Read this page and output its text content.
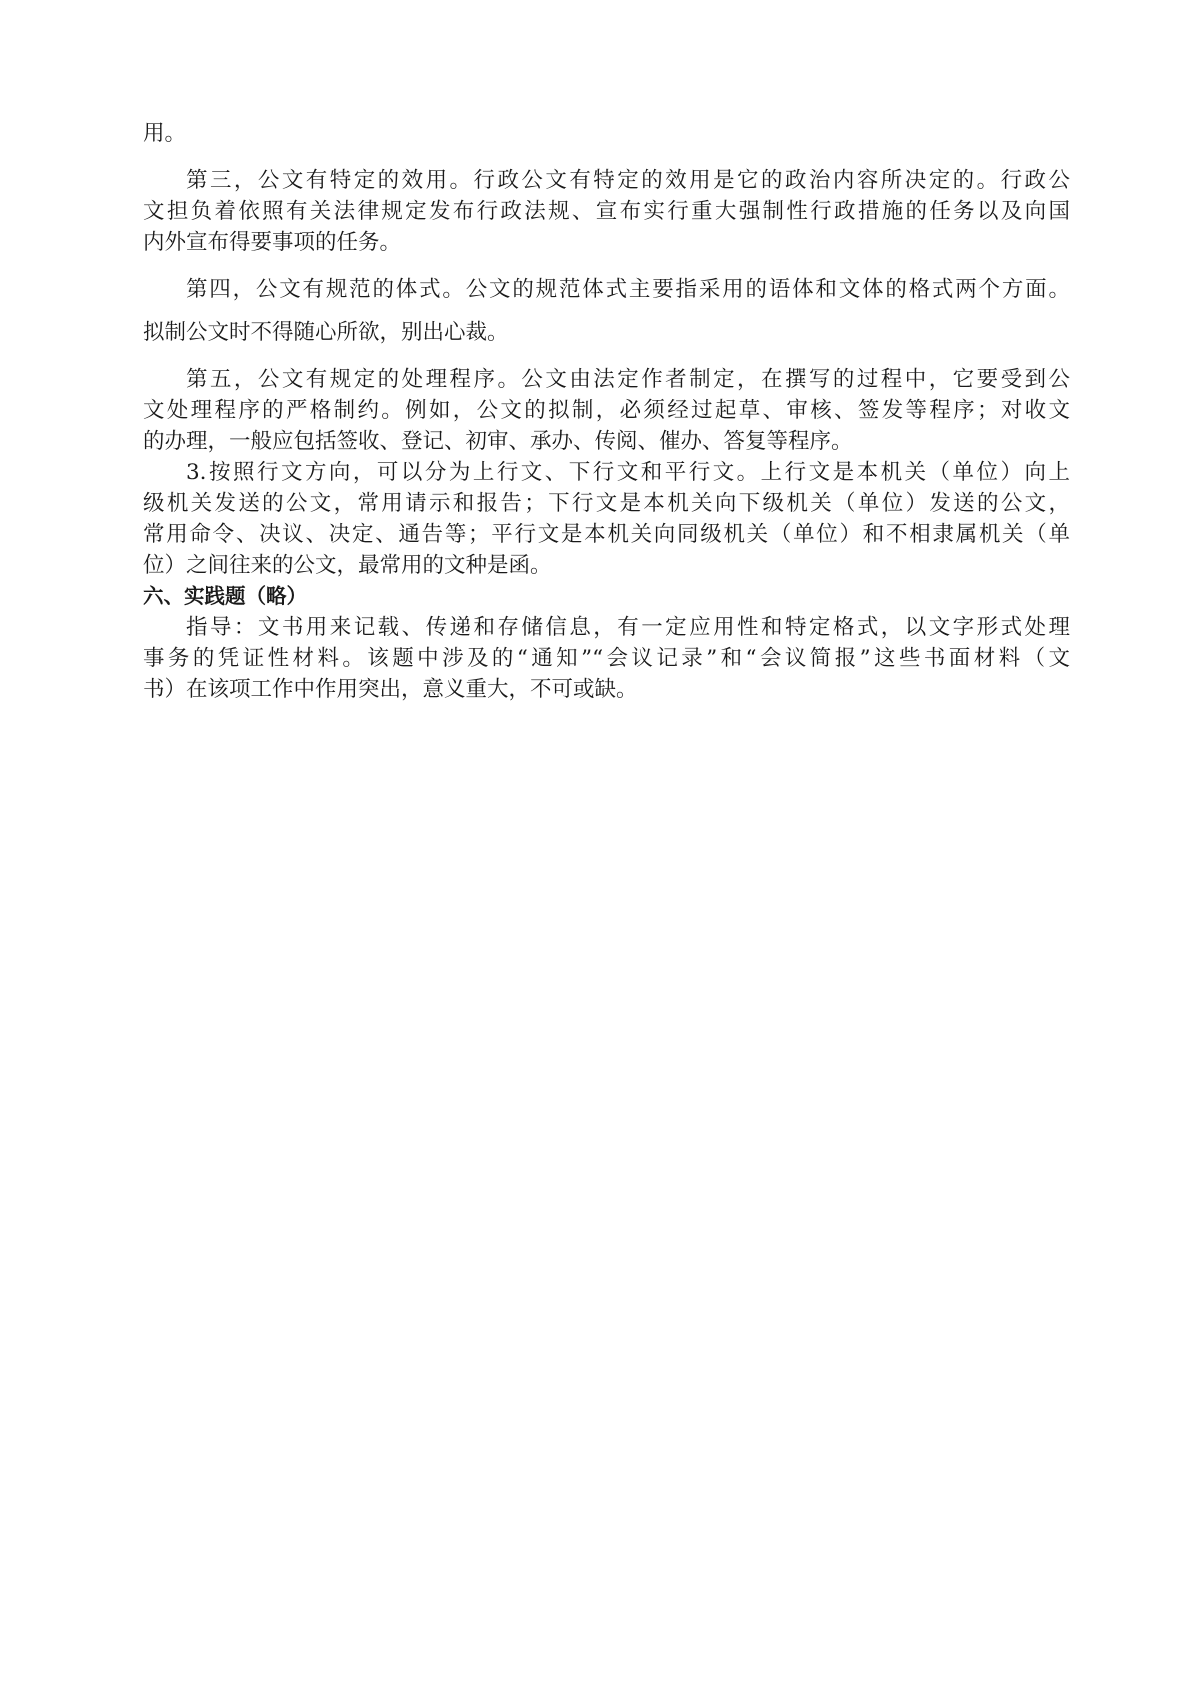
用。
第三，公文有特定的效用。行政公文有特定的效用是它的政治内容所决定的。行政公
文担负着依照有关法律规定发布行政法规、宣布实行重大强制性行政措施的任务以及向国
内外宣布得要事项的任务。
第四，公文有规范的体式。公文的规范体式主要指采用的语体和文体的格式两个方面。
拟制公文时不得随心所欲，别出心裁。
第五，公文有规定的处理程序。公文由法定作者制定，在撰写的过程中，它要受到公
文处理程序的严格制约。例如，公文的拟制，必须经过起草、审核、签发等程序；对收文
的办理，一般应包括签收、登记、初审、承办、传阅、催办、答复等程序。
3.按照行文方向，可以分为上行文、下行文和平行文。上行文是本机关（单位）向上
级机关发送的公文，常用请示和报告；下行文是本机关向下级机关（单位）发送的公文，
常用命令、决议、决定、通告等；平行文是本机关向同级机关（单位）和不相隶属机关（单
位）之间往来的公文，最常用的文种是函。
六、实践题（略）
指导：文书用来记载、传递和存储信息，有一定应用性和特定格式，以文字形式处理
事务的凭证性材料。该题中涉及的“通知”“会议记录”和“会议简报”这些书面材料（文
书）在该项工作中作用突出，意义重大，不可或缺。
